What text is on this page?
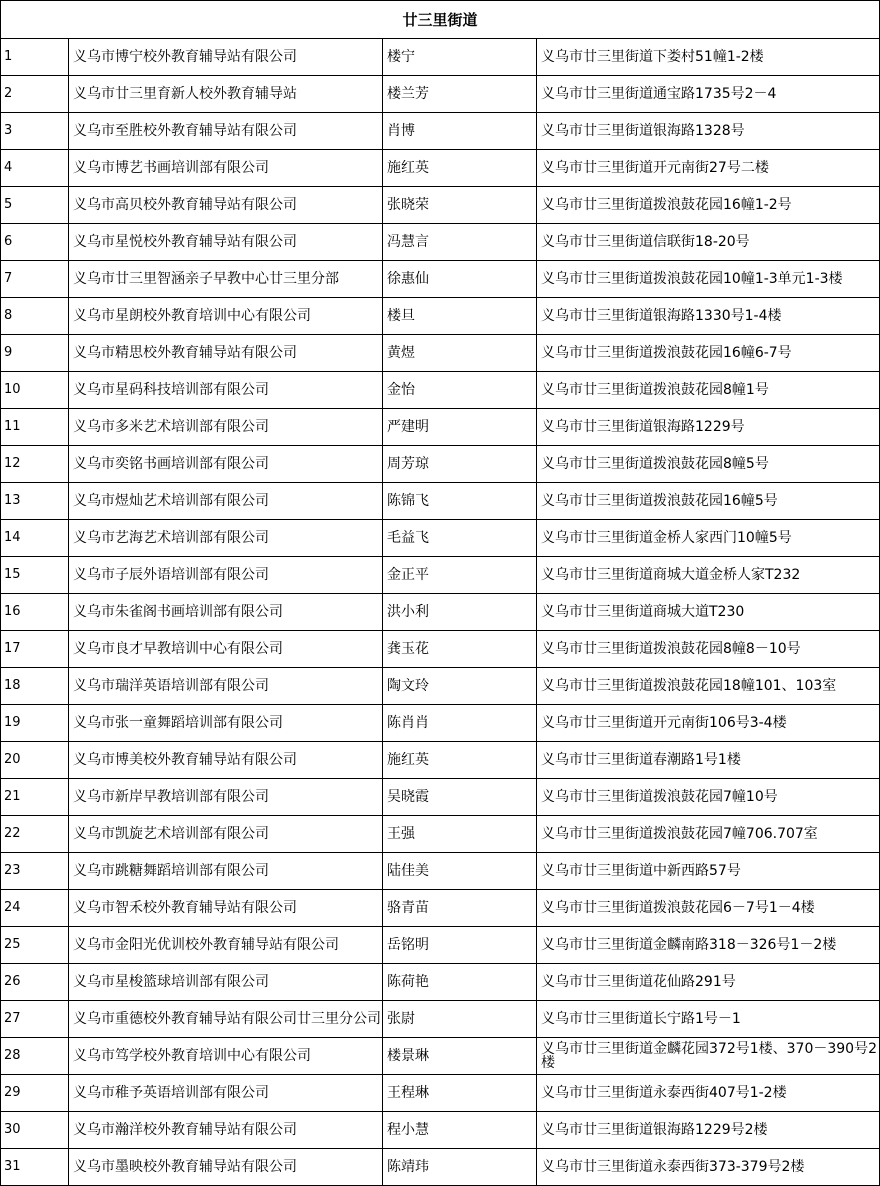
廿三里街道			
1	义乌市博宁校外教育辅导站有限公司	楼宁	义乌市廿三里街道下娄村51幢1-2楼
2	义乌市廿三里育新人校外教育辅导站	楼兰芳	义乌市廿三里街道通宝路1735号2－4
3	义乌市至胜校外教育辅导站有限公司	肖博	义乌市廿三里街道银海路1328号
4	义乌市博艺书画培训部有限公司	施红英	义乌市廿三里街道开元南街27号二楼
5	义乌市高贝校外教育辅导站有限公司	张晓荣	义乌市廿三里街道拨浪鼓花园16幢1-2号
6	义乌市星悦校外教育辅导站有限公司	冯慧言	义乌市廿三里街道信联街18-20号
7	义乌市廿三里智涵亲子早教中心廿三里分部	徐惠仙	义乌市廿三里街道拨浪鼓花园10幢1-3单元1-3楼
8	义乌市星朗校外教育培训中心有限公司	楼旦	义乌市廿三里街道银海路1330号1-4楼
9	义乌市精思校外教育辅导站有限公司	黄煜	义乌市廿三里街道拨浪鼓花园16幢6-7号
10	义乌市星码科技培训部有限公司	金怡	义乌市廿三里街道拨浪鼓花园8幢1号
11	义乌市多米艺术培训部有限公司	严建明	义乌市廿三里街道银海路1229号
12	义乌市奕铭书画培训部有限公司	周芳琼	义乌市廿三里街道拨浪鼓花园8幢5号
13	义乌市煜灿艺术培训部有限公司	陈锦飞	义乌市廿三里街道拨浪鼓花园16幢5号
14	义乌市艺海艺术培训部有限公司	毛益飞	义乌市廿三里街道金桥人家西门10幢5号
15	义乌市子辰外语培训部有限公司	金正平	义乌市廿三里街道商城大道金桥人家T232
16	义乌市朱雀阁书画培训部有限公司	洪小利	义乌市廿三里街道商城大道T230
17	义乌市良才早教培训中心有限公司	龚玉花	义乌市廿三里街道拨浪鼓花园8幢8－10号
18	义乌市瑞洋英语培训部有限公司	陶文玲	义乌市廿三里街道拨浪鼓花园18幢101、103室
19	义乌市张一童舞蹈培训部有限公司	陈肖肖	义乌市廿三里街道开元南街106号3-4楼
20	义乌市博美校外教育辅导站有限公司	施红英	义乌市廿三里街道春潮路1号1楼
21	义乌市新岸早教培训部有限公司	吴晓霞	义乌市廿三里街道拨浪鼓花园7幢10号
22	义乌市凯旋艺术培训部有限公司	王强	义乌市廿三里街道拨浪鼓花园7幢706.707室
23	义乌市跳糖舞蹈培训部有限公司	陆佳美	义乌市廿三里街道中新西路57号
24	义乌市智禾校外教育辅导站有限公司	骆青苗	义乌市廿三里街道拨浪鼓花园6－7号1－4楼
25	义乌市金阳光优训校外教育辅导站有限公司	岳铭明	义乌市廿三里街道金麟南路318－326号1－2楼
26	义乌市星梭篮球培训部有限公司	陈荷艳	义乌市廿三里街道花仙路291号
27	义乌市重德校外教育辅导站有限公司廿三里分公司	张尉	义乌市廿三里街道长宁路1号－1
28	义乌市笃学校外教育培训中心有限公司	楼景琳	义乌市廿三里街道金麟花园372号1楼、370－390号2楼
29	义乌市稚予英语培训部有限公司	王程琳	义乌市廿三里街道永泰西街407号1-2楼
30	义乌市瀚洋校外教育辅导站有限公司	程小慧	义乌市廿三里街道银海路1229号2楼
31	义乌市墨映校外教育辅导站有限公司	陈靖玮	义乌市廿三里街道永泰西街373-379号2楼
